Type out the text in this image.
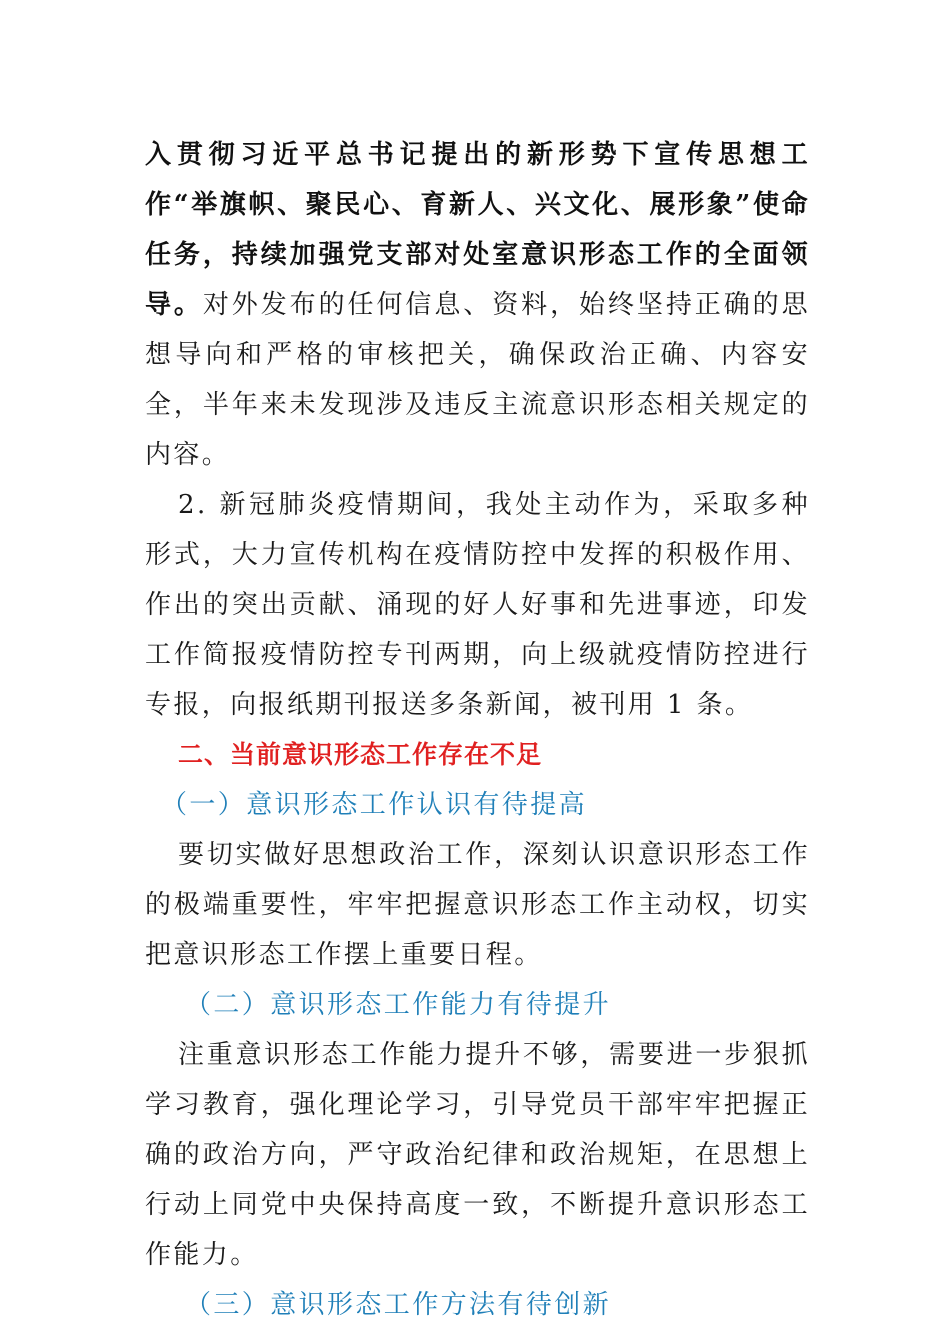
入贯彻习近平总书记提出的新形势下宣传思想工作“举旗帜、聚民心、育新人、兴文化、展形象”使命任务，持续加强党支部对处室意识形态工作的全面领导。对外发布的任何信息、资料，始终坚持正确的思想导向和严格的审核把关，确保政治正确、内容安全，半年来未发现涉及违反主流意识形态相关规定的内容。

2. 新冠肺炎疫情期间，我处主动作为，采取多种形式，大力宣传机构在疫情防控中发挥的积极作用、作出的突出贡献、涌现的好人好事和先进事迹，印发工作简报疫情防控专刊两期，向上级就疫情防控进行专报，向报纸期刊报送多条新闻，被刊用 1 条。

二、当前意识形态工作存在不足

（一）意识形态工作认识有待提高

要切实做好思想政治工作，深刻认识意识形态工作的极端重要性，牢牢把握意识形态工作主动权，切实把意识形态工作摆上重要日程。

（二）意识形态工作能力有待提升

注重意识形态工作能力提升不够，需要进一步狠抓学习教育，强化理论学习，引导党员干部牢牢把握正确的政治方向，严守政治纪律和政治规矩，在思想上行动上同党中央保持高度一致，不断提升意识形态工作能力。

（三）意识形态工作方法有待创新
